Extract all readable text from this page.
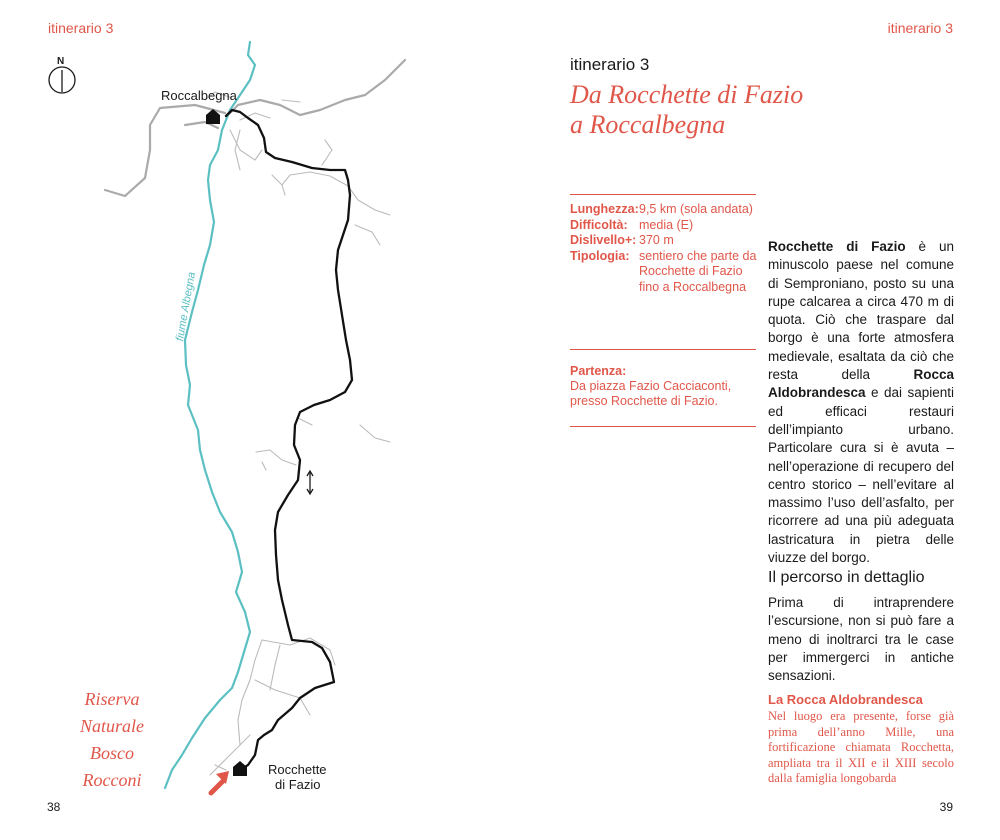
itinerario 3	itinerario 3
38	39
N
Roccalbegna
Rocchette
di Fazio
fiume Albegna
Riserva
Naturale
Bosco
Rocconi
itinerario 3
Da Rocchette di Fazio
a Roccalbegna
Lunghezza: 9,5 km (sola andata)
Difficoltà: media (E)
Dislivello+: 370 m
Tipologia: sentiero che parte da Rocchette di Fazio fino a Roccalbegna
Partenza:
Da piazza Fazio Cacciaconti, presso Rocchette di Fazio.
Rocchette di Fazio è un minuscolo paese nel comune di Semproniano, posto su una rupe calcarea a circa 470 m di quota. Ciò che traspare dal borgo è una forte atmosfera medievale, esaltata da ciò che resta della Rocca Aldobrandesca e dai sapienti ed efficaci restauri dell’impianto urbano. Particolare cura si è avuta – nell’operazione di recupero del centro storico – nell’evitare al massimo l’uso dell’asfalto, per ricorrere ad una più adeguata lastricatura in pietra delle viuzze del borgo.
Il percorso in dettaglio
Prima di intraprendere l’escursione, non si può fare a meno di inoltrarci tra le case per immergerci in antiche sensazioni.
La Rocca Aldobrandesca
Nel luogo era presente, forse già prima dell’anno Mille, una fortificazione chiamata Rocchetta, ampliata tra il XII e il XIII secolo dalla famiglia longobarda
